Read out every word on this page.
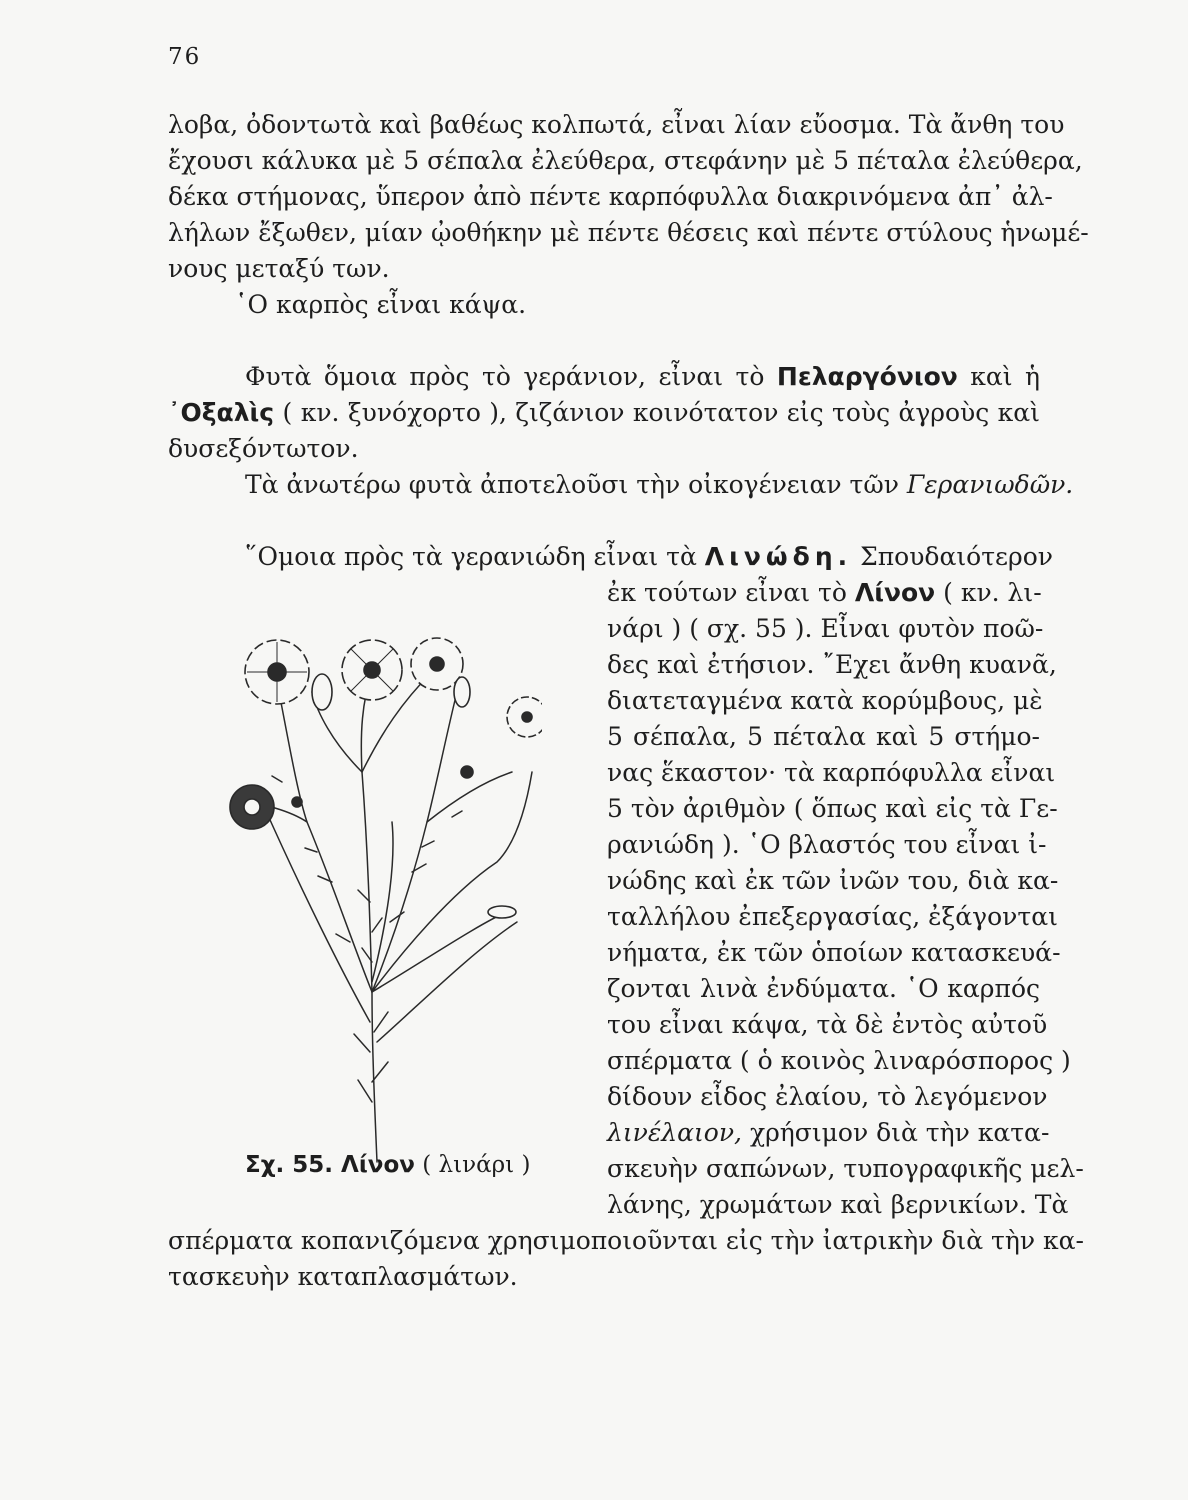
76
λοβα, ὀδοντωτὰ καὶ βαθέως κολπωτά, εἶναι λίαν εὔοσμα. Τὰ ἄνθη του
ἔχουσι κάλυκα μὲ 5 σέπαλα ἐλεύθερα, στεφάνην μὲ 5 πέταλα ἐλεύθερα,
δέκα στήμονας, ὕπερον ἀπὸ πέντε καρπόφυλλα διακρινόμενα ἀπ᾽ ἀλ-
λήλων ἔξωθεν, μίαν ᾠοθήκην μὲ πέντε θέσεις καὶ πέντε στύλους ἡνωμέ-
νους μεταξύ των.
῾Ο καρπὸς εἶναι κάψα.
Φυτὰ ὅμοια πρὸς τὸ γεράνιον, εἶναι τὸ Πελαργόνιον καὶ ἡ
᾿Οξαλὶς ( κν. ξυνόχορτο ), ζιζάνιον κοινότατον εἰς τοὺς ἀγροὺς καὶ
δυσεξόντωτον.
Τὰ ἀνωτέρω φυτὰ ἀποτελοῦσι τὴν οἰκογένειαν τῶν Γερανιωδῶν.
῞Ομοια πρὸς τὰ γερανιώδη εἶναι τὰ Λινώδη. Σπουδαιότερον
ἐκ τούτων εἶναι τὸ Λίνον ( κν. λι-
νάρι ) ( σχ. 55 ). Εἶναι φυτὸν ποῶ-
δες καὶ ἐτήσιον. ῎Εχει ἄνθη κυανᾶ,
διατεταγμένα κατὰ κορύμβους, μὲ
5 σέπαλα, 5 πέταλα καὶ 5 στήμο-
νας ἕκαστον· τὰ καρπόφυλλα εἶναι
5 τὸν ἀριθμὸν ( ὅπως καὶ εἰς τὰ Γε-
ρανιώδη ). ῾Ο βλαστός του εἶναι ἰ-
νώδης καὶ ἐκ τῶν ἰνῶν του, διὰ κα-
ταλλήλου ἐπεξεργασίας, ἐξάγονται
νήματα, ἐκ τῶν ὁποίων κατασκευά-
ζονται λινὰ ἐνδύματα. ῾Ο καρπός
του εἶναι κάψα, τὰ δὲ ἐντὸς αὐτοῦ
σπέρματα ( ὁ κοινὸς λιναρόσπορος )
δίδουν εἶδος ἐλαίου, τὸ λεγόμενον
λινέλαιον, χρήσιμον διὰ τὴν κατα-
σκευὴν σαπώνων, τυπογραφικῆς μελ-
λάνης, χρωμάτων καὶ βερνικίων. Τὰ
σπέρματα κοπανιζόμενα χρησιμοποιοῦνται εἰς τὴν ἰατρικὴν διὰ τὴν κα-
τασκευὴν καταπλασμάτων.
Σχ. 55. Λίνον ( λινάρι )
